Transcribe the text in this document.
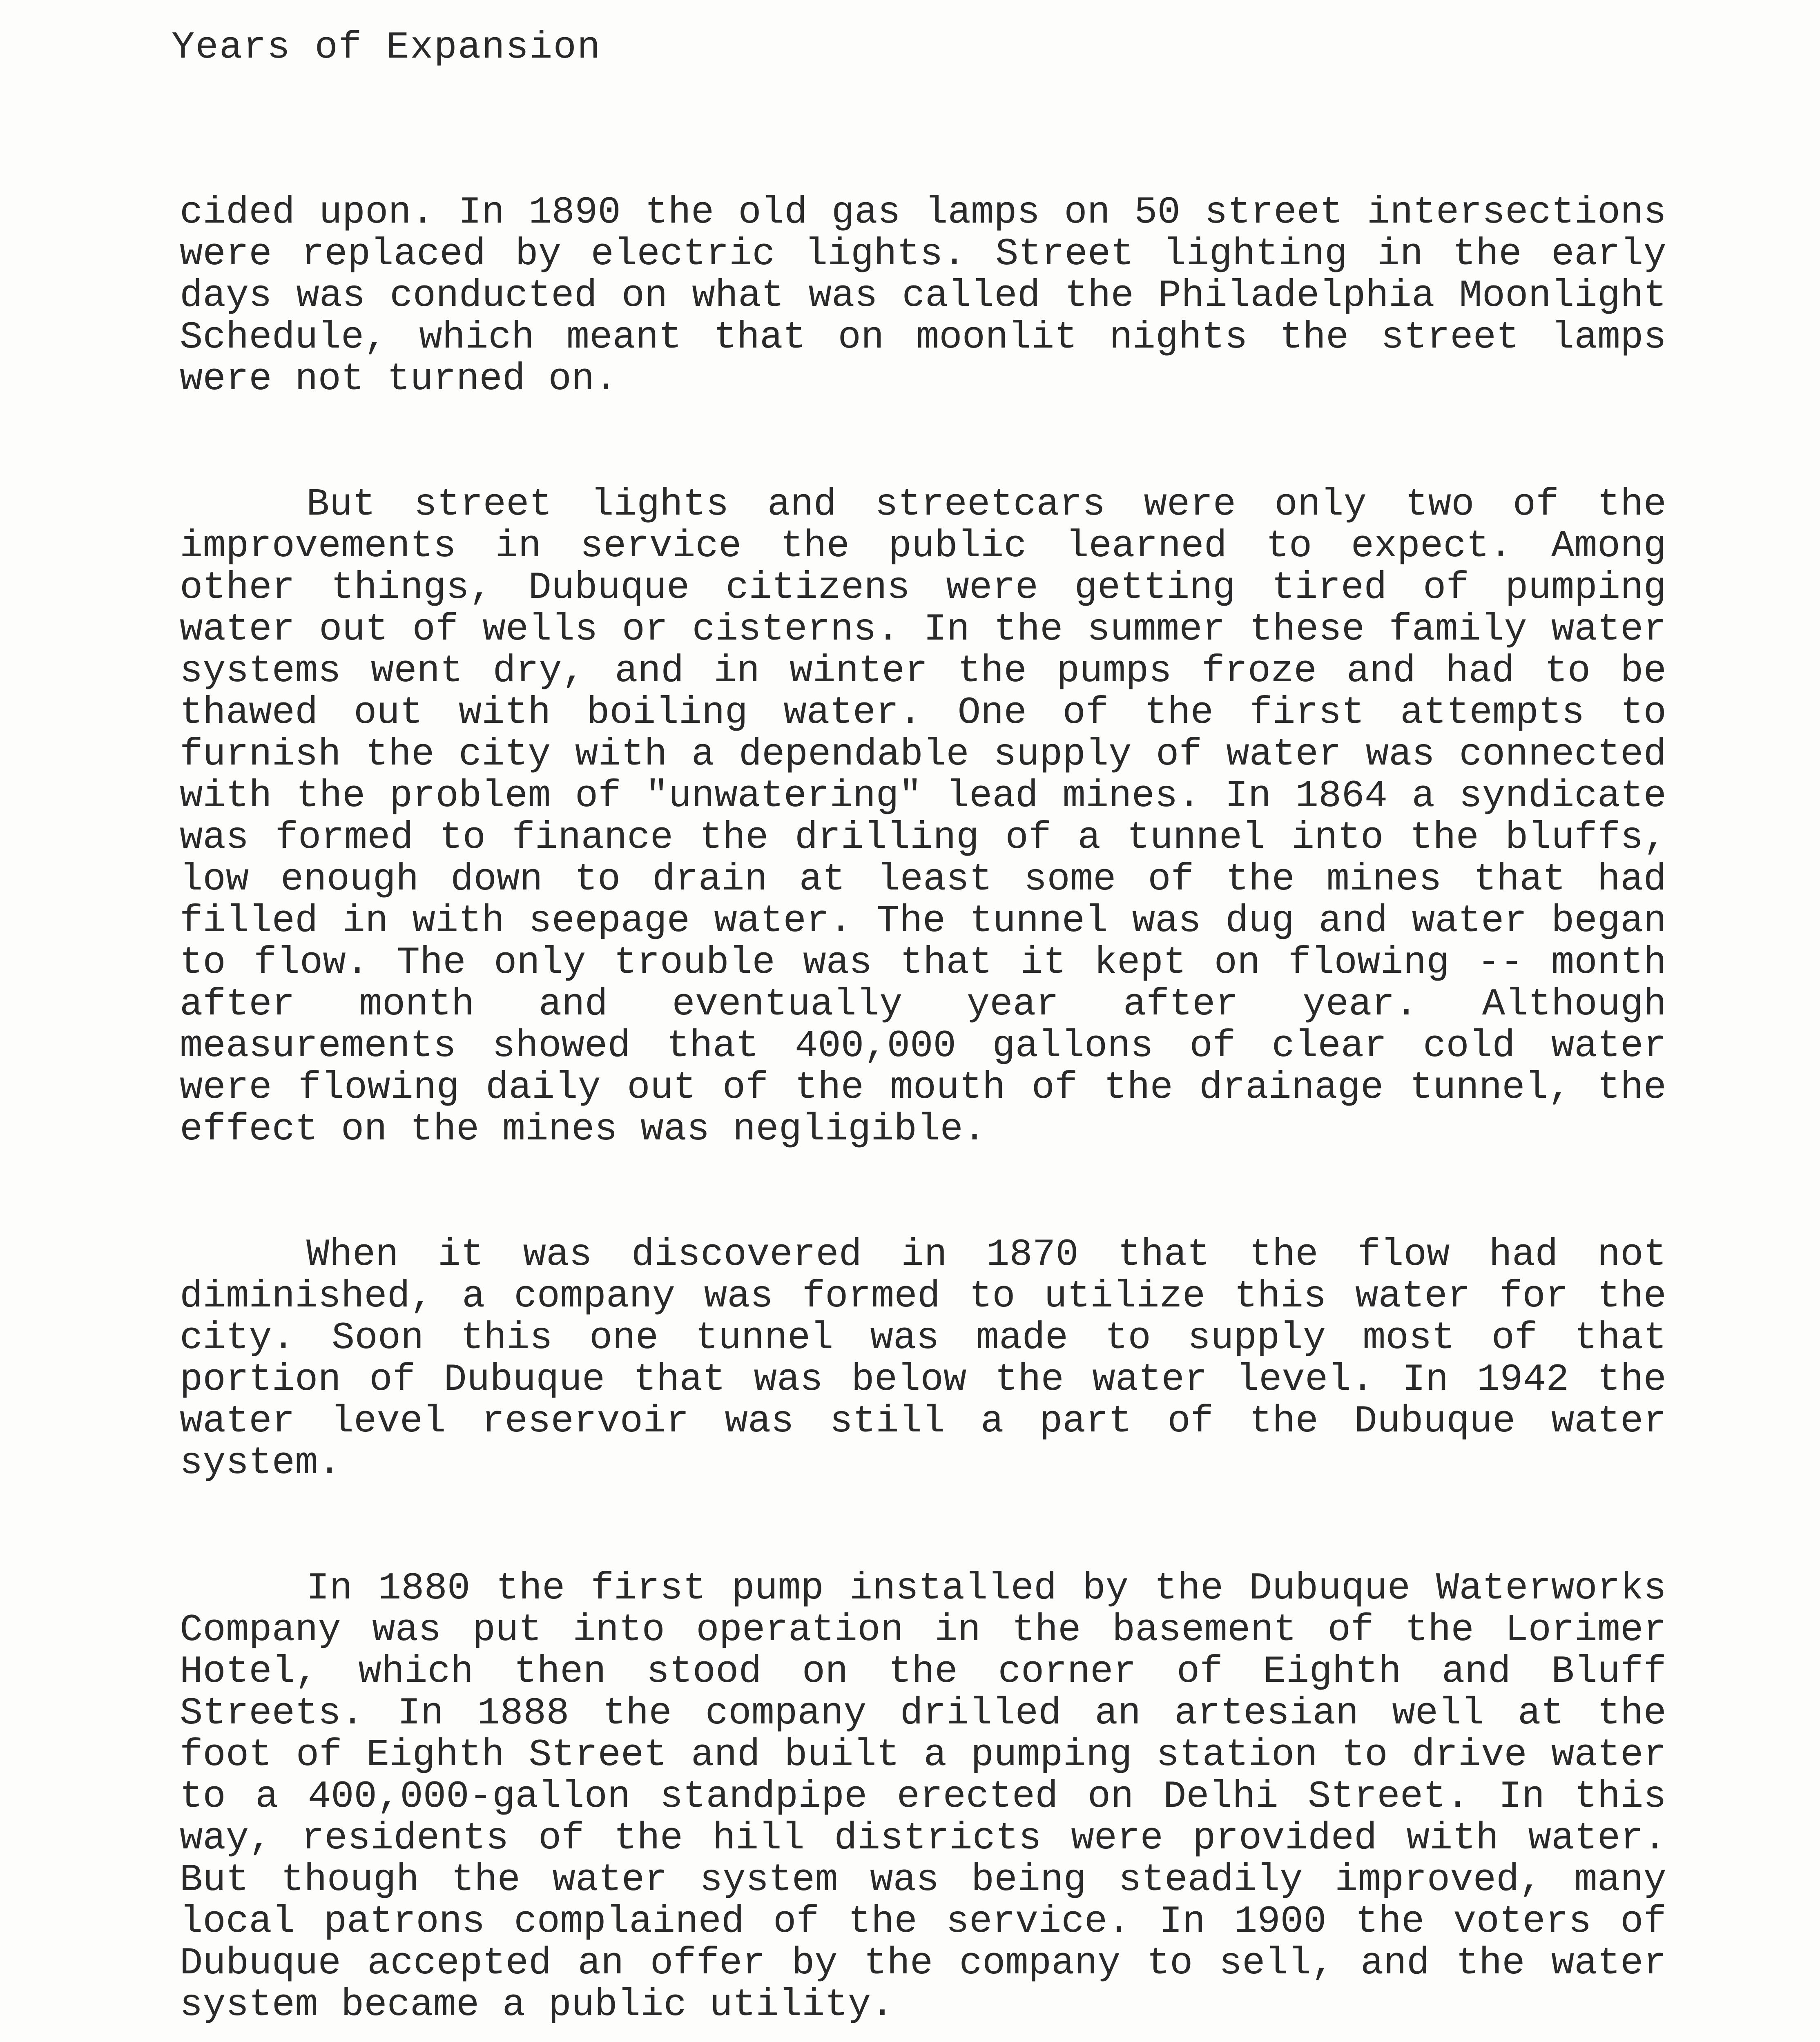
Years of Expansion

cided upon. In 1890 the old gas lamps on 50 street intersections were replaced by electric lights. Street lighting in the early days was conducted on what was called the Philadelphia Moonlight Schedule, which meant that on moonlit nights the street lamps were not turned on.

But street lights and streetcars were only two of the improvements in service the public learned to expect. Among other things, Dubuque citizens were getting tired of pumping water out of wells or cisterns. In the summer these family water systems went dry, and in winter the pumps froze and had to be thawed out with boiling water. One of the first attempts to furnish the city with a dependable supply of water was connected with the problem of "unwatering" lead mines. In 1864 a syndicate was formed to finance the drilling of a tunnel into the bluffs, low enough down to drain at least some of the mines that had filled in with seepage water. The tunnel was dug and water began to flow. The only trouble was that it kept on flowing -- month after month and eventually year after year. Although measurements showed that 400,000 gallons of clear cold water were flowing daily out of the mouth of the drainage tunnel, the effect on the mines was negligible.

When it was discovered in 1870 that the flow had not diminished, a company was formed to utilize this water for the city. Soon this one tunnel was made to supply most of that portion of Dubuque that was below the water level. In 1942 the water level reservoir was still a part of the Dubuque water system.

In 1880 the first pump installed by the Dubuque Waterworks Company was put into operation in the basement of the Lorimer Hotel, which then stood on the corner of Eighth and Bluff Streets. In 1888 the company drilled an artesian well at the foot of Eighth Street and built a pumping station to drive water to a 400,000-gallon standpipe erected on Delhi Street. In this way, residents of the hill districts were provided with water. But though the water system was being steadily improved, many local patrons complained of the service. In 1900 the voters of Dubuque accepted an offer by the company to sell, and the water system became a public utility.
